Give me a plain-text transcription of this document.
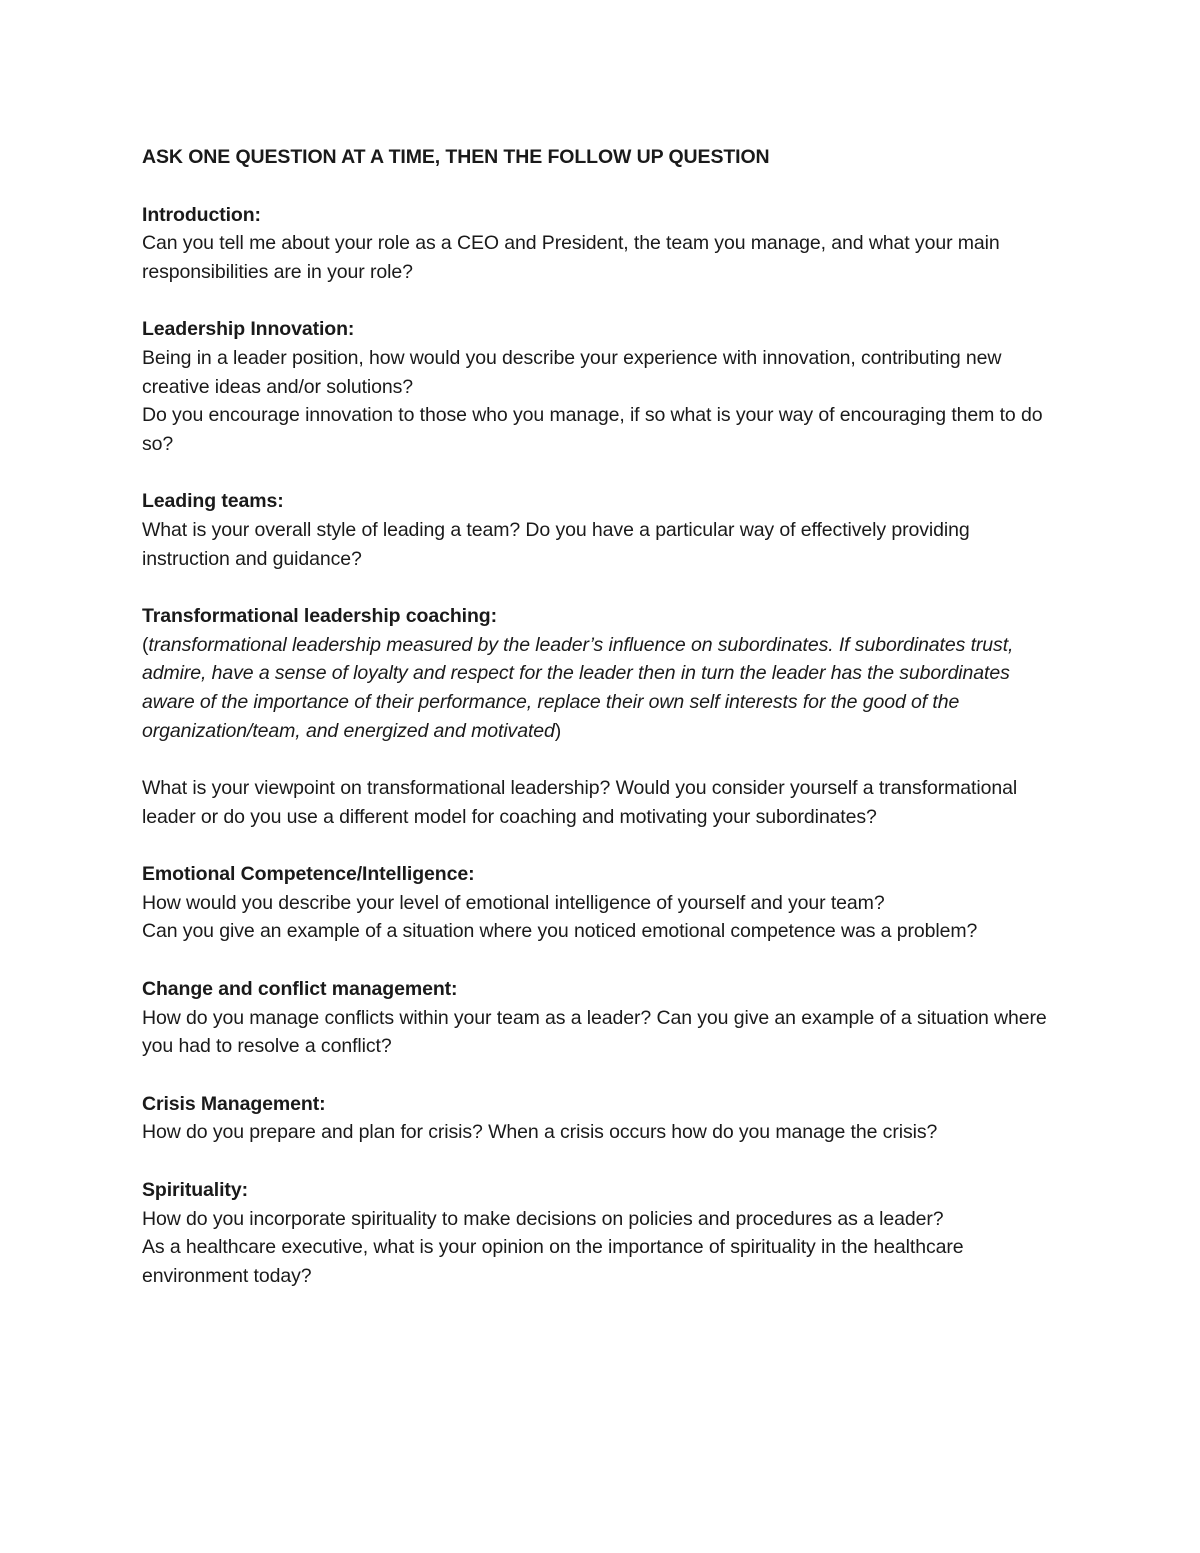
ASK ONE QUESTION AT A TIME, THEN THE FOLLOW UP QUESTION
Introduction:
Can you tell me about your role as a CEO and President, the team you manage, and what your main responsibilities are in your role?
Leadership Innovation:
Being in a leader position, how would you describe your experience with innovation, contributing new creative ideas and/or solutions?
Do you encourage innovation to those who you manage, if so what is your way of encouraging them to do so?
Leading teams:
What is your overall style of leading a team? Do you have a particular way of effectively providing instruction and guidance?
Transformational leadership coaching:
(transformational leadership measured by the leader’s influence on subordinates. If subordinates trust, admire, have a sense of loyalty and respect for the leader then in turn the leader has the subordinates aware of the importance of their performance, replace their own self interests for the good of the organization/team, and energized and motivated)
What is your viewpoint on transformational leadership? Would you consider yourself a transformational leader or do you use a different model for coaching and motivating your subordinates?
Emotional Competence/Intelligence:
How would you describe your level of emotional intelligence of yourself and your team?
Can you give an example of a situation where you noticed emotional competence was a problem?
Change and conflict management:
How do you manage conflicts within your team as a leader? Can you give an example of a situation where you had to resolve a conflict?
Crisis Management:
How do you prepare and plan for crisis? When a crisis occurs how do you manage the crisis?
Spirituality:
How do you incorporate spirituality to make decisions on policies and procedures as a leader?
As a healthcare executive, what is your opinion on the importance of spirituality in the healthcare environment today?
